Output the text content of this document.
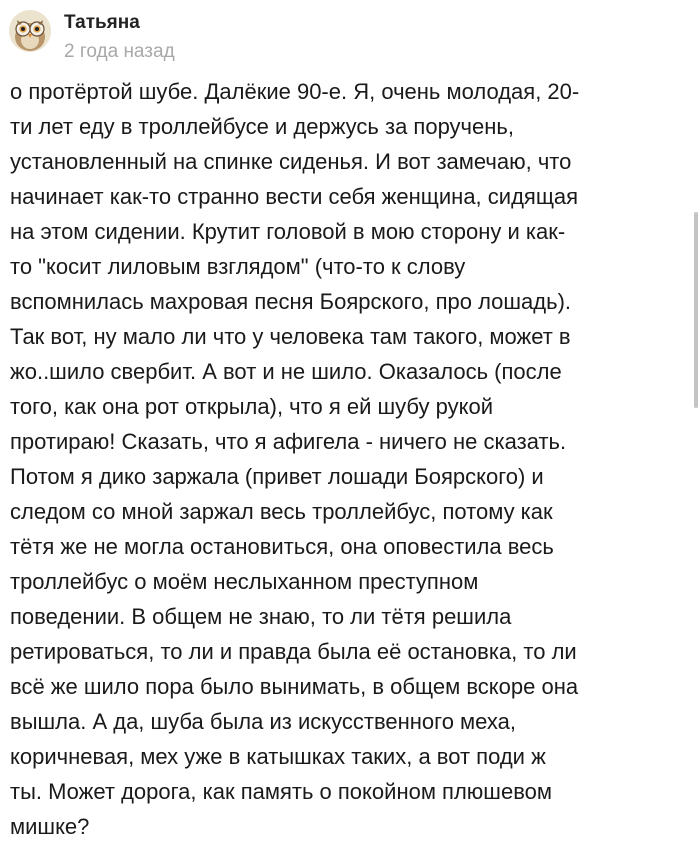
Татьяна
2 года назад
о протёртой шубе. Далёкие 90-е. Я, очень молодая, 20-
ти лет еду в троллейбусе и держусь за поручень,
установленный на спинке сиденья. И вот замечаю, что
начинает как-то странно вести себя женщина, сидящая
на этом сидении. Крутит головой в мою сторону и как-
то "косит лиловым взглядом" (что-то к слову
вспомнилась махровая песня Боярского, про лошадь).
Так вот, ну мало ли что у человека там такого, может в
жо..шило свербит. А вот и не шило. Оказалось (после
того, как она рот открыла), что я ей шубу рукой
протираю! Сказать, что я афигела - ничего не сказать.
Потом я дико заржала (привет лошади Боярского) и
следом со мной заржал весь троллейбус, потому как
тётя же не могла остановиться, она оповестила весь
троллейбус о моём неслыханном преступном
поведении. В общем не знаю, то ли тётя решила
ретироваться, то ли и правда была её остановка, то ли
всё же шило пора было вынимать, в общем вскоре она
вышла. А да, шуба была из искусственного меха,
коричневая, мех уже в катышках таких, а вот поди ж
ты. Может дорога, как память о покойном плюшевом
мишке?
